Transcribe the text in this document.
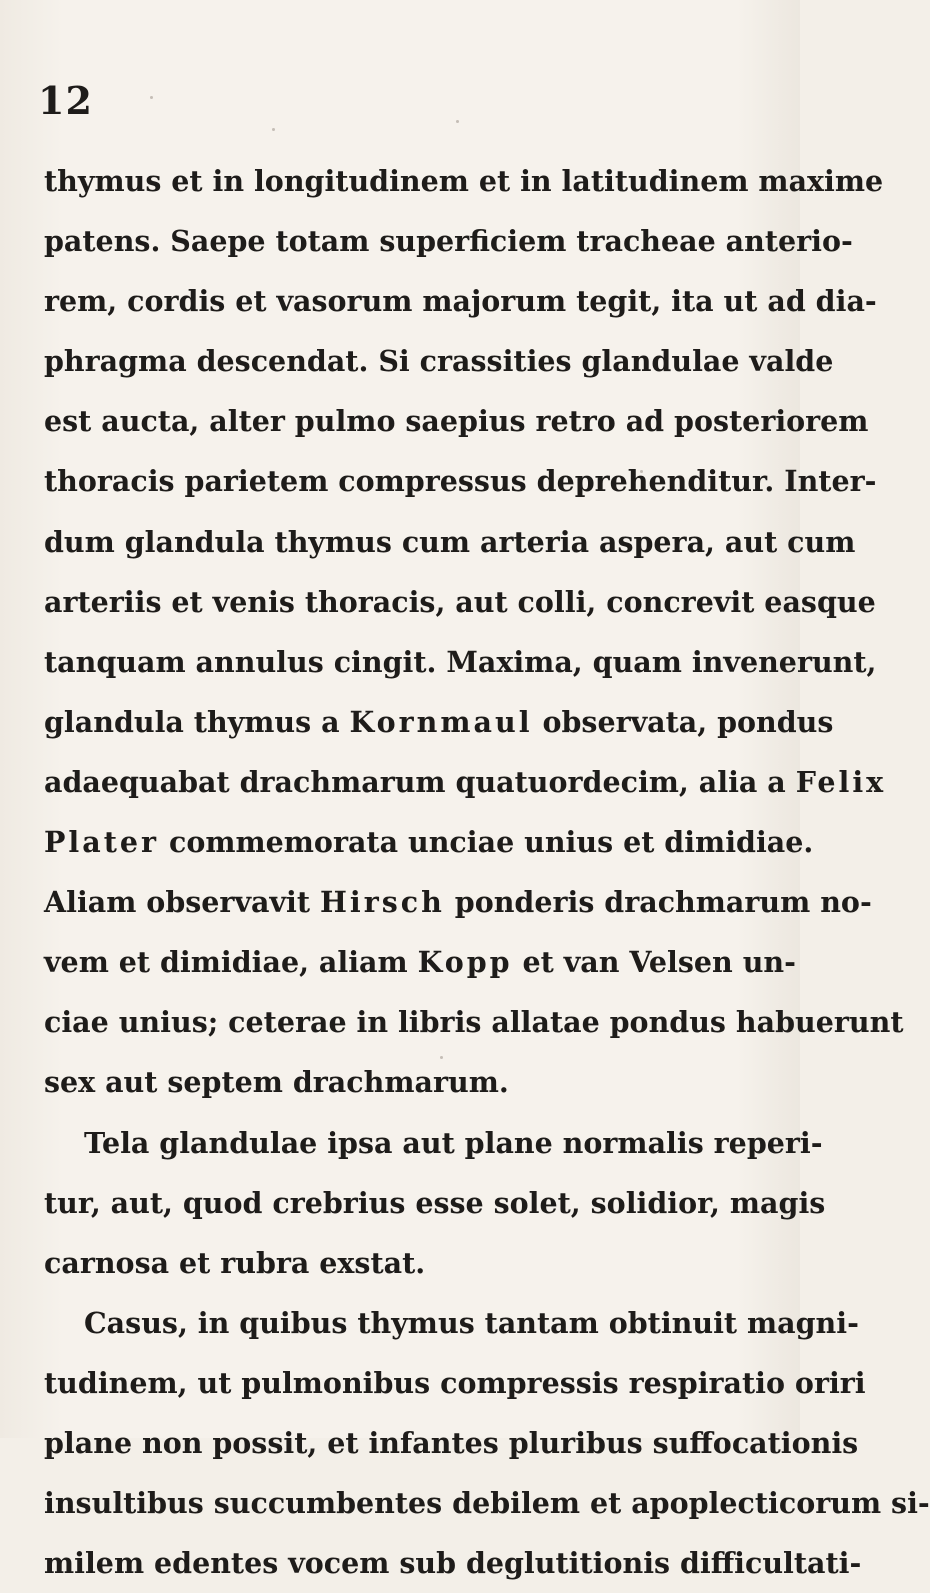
12
thymus et in longitudinem et in latitudinem maxime
patens. Saepe totam superficiem tracheae anterio-
rem, cordis et vasorum majorum tegit, ita ut ad dia-
phragma descendat. Si crassities glandulae valde
est aucta, alter pulmo saepius retro ad posteriorem
thoracis parietem compressus deprehenditur. Inter-
dum glandula thymus cum arteria aspera, aut cum
arteriis et venis thoracis, aut colli, concrevit easque
tanquam annulus cingit. Maxima, quam invenerunt,
glandula thymus a Kornmaul observata, pondus
adaequabat drachmarum quatuordecim, alia a Felix
Plater commemorata unciae unius et dimidiae.
Aliam observavit Hirsch ponderis drachmarum no-
vem et dimidiae, aliam Kopp et van Velsen un-
ciae unius; ceterae in libris allatae pondus habuerunt
sex aut septem drachmarum.
Tela glandulae ipsa aut plane normalis reperi-
tur, aut, quod crebrius esse solet, solidior, magis
carnosa et rubra exstat.
Casus, in quibus thymus tantam obtinuit magni-
tudinem, ut pulmonibus compressis respiratio oriri
plane non possit, et infantes pluribus suffocationis
insultibus succumbentes debilem et apoplecticorum si-
milem edentes vocem sub deglutitionis difficultati-
